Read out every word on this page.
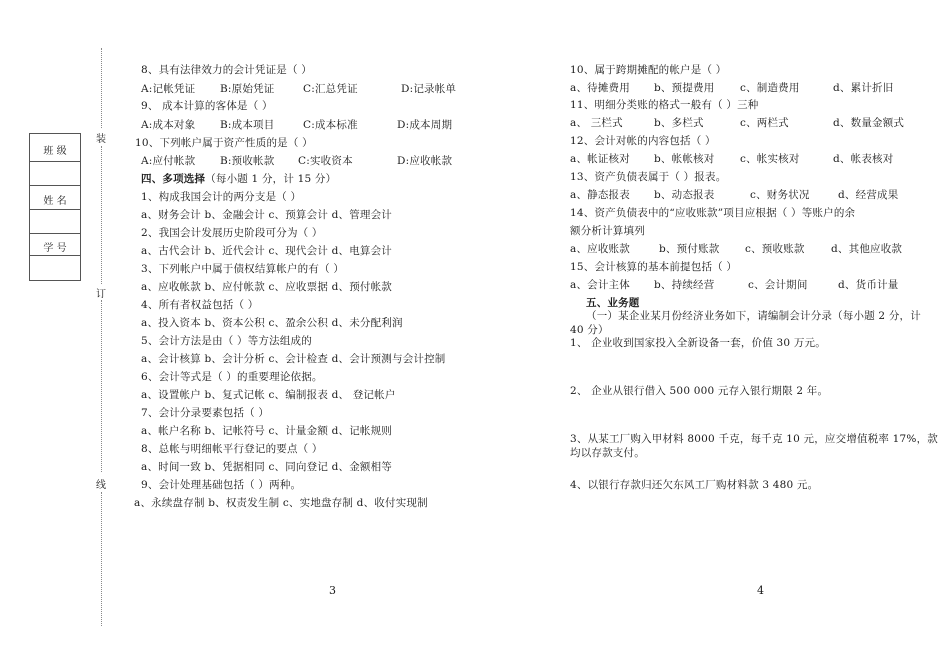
班 级
姓 名
学 号
装
订
线
8、具有法律效力的会计凭证是（ ）
A:记帐凭证 B:原始凭证	C:汇总凭证	D:记录帐单
9、 成本计算的客体是（ ）
A:成本对象 B:成本项目	C:成本标准	D:成本周期
10、下列帐户属于资产性质的是（ ）
A:应付帐款 B:预收帐款 C:实收资本	D:应收帐款
四、多项选择（每小题 1 分，计 15 分）
1、构成我国会计的两分支是（ ）
a、财务会计 b、金融会计 c、预算会计 d、管理会计
2、我国会计发展历史阶段可分为（ ）
a、古代会计 b、近代会计 c、现代会计 d、电算会计
3、下列帐户中属于债权结算帐户的有（ ）
a、应收帐款 b、应付帐款 c、应收票据 d、预付帐款
4、所有者权益包括（ ）
a、投入资本 b、资本公积 c、盈余公积 d、未分配利润
5、会计方法是由（ ）等方法组成的
a、会计核算 b、会计分析 c、会计检查 d、会计预测与会计控制
6、会计等式是（ ）的重要理论依据。
a、设置帐户 b、复式记帐 c、编制报表 d、 登记帐户
7、会计分录要素包括（ ）
a、帐户名称 b、记帐符号 c、计量金额 d、记帐规则
8、总帐与明细帐平行登记的要点（ ）
a、时间一致 b、凭据相同 c、同向登记 d、金额相等
9、会计处理基础包括（ ）两种。
a、永续盘存制 b、权责发生制 c、实地盘存制 d、收付实现制
3
10、属于跨期摊配的帐户是（ ）
a、待摊费用 b、预提费用 c、制造费用	d、累计折旧
11、明细分类账的格式一般有（ ）三种
a、 三栏式	b、多栏式	c、两栏式	d、数量金额式
12、会计对帐的内容包括（ ）
a、帐证核对 b、帐帐核对 c、帐实核对	d、帐表核对
13、资产负债表属于（ ）报表。
a、静态报表 b、动态报表	c、财务状况	d、经营成果
14、资产负债表中的“应收账款”项目应根据（ ）等账户的余
额分析计算填列
a、应收账款	b、预付账款 c、预收账款	d、其他应收款
15、会计核算的基本前提包括（ ）
a、会计主体 b、持续经营	c、会计期间	d、货币计量
五、业务题
（一）某企业某月份经济业务如下，请编制会计分录（每小题 2 分，计
40 分）
1、 企业收到国家投入全新设备一套，价值 30 万元。
2、 企业从银行借入 500 000 元存入银行期限 2 年。
3、从某工厂购入甲材料 8000 千克，每千克 10 元，应交增值税率 17%，款
均以存款支付。
4、以银行存款归还欠东风工厂购材料款 3 480 元。
4
